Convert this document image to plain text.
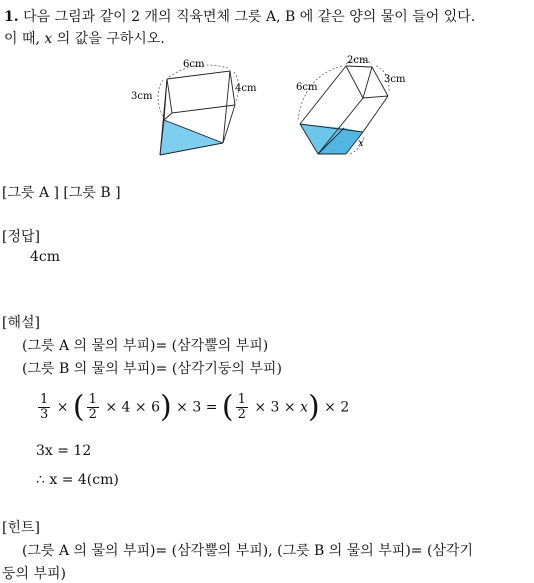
1. 다음 그림과 같이 2 개의 직육면체 그릇 A, B 에 같은 양의 물이 들어 있다.
이 때, x 의 값을 구하시오.
6cm
3cm
4cm
2cm
6cm
3cm
x
[그릇 A ] [그릇 B ]
[정답]
4cm
[해설]
(그릇 A 의 물의 부피)= (삼각뿔의 부피)
(그릇 B 의 물의 부피)= (삼각기둥의 부피)
$\frac{1}{3}$ × ( $\frac{1}{2} \times 4 \times 6) \times 3$ = ( $\frac{1}{2} \times 3 \times x) \times 2$
3x = 12
∴ x = 4(cm)
[힌트]
(그릇 A 의 물의 부피)= (삼각뿔의 부피), (그릇 B 의 물의 부피)= (삼각기
둥의 부피)
